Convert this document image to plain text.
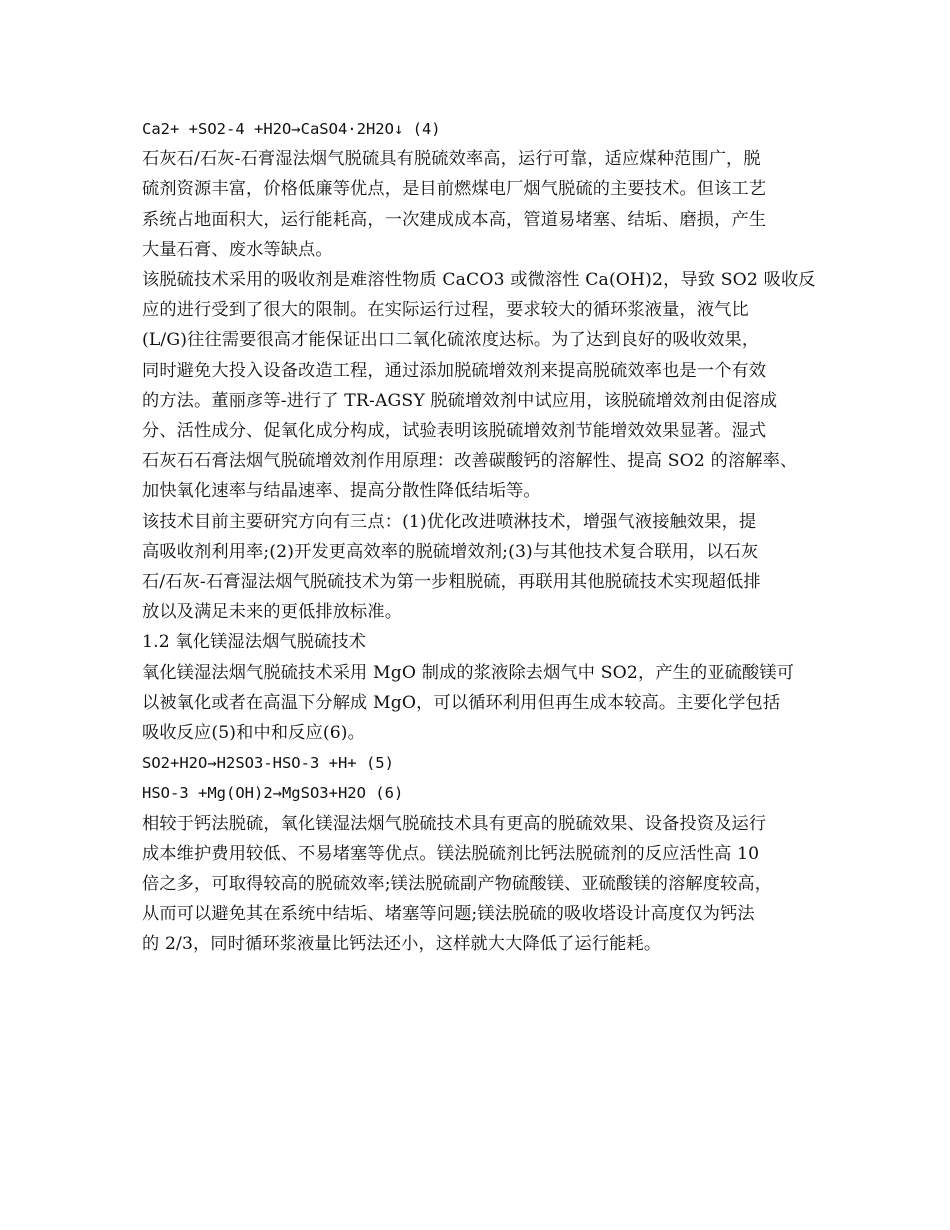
Ca2+ +SO2-4 +H2O→CaSO4·2H2O↓ (4)
石灰石/石灰-石膏湿法烟气脱硫具有脱硫效率高，运行可靠，适应煤种范围广，脱
硫剂资源丰富，价格低廉等优点，是目前燃煤电厂烟气脱硫的主要技术。但该工艺
系统占地面积大，运行能耗高，一次建成成本高，管道易堵塞、结垢、磨损，产生
大量石膏、废水等缺点。
该脱硫技术采用的吸收剂是难溶性物质 CaCO3 或微溶性 Ca(OH)2，导致 SO2 吸收反
应的进行受到了很大的限制。在实际运行过程，要求较大的循环浆液量，液气比
(L/G)往往需要很高才能保证出口二氧化硫浓度达标。为了达到良好的吸收效果，
同时避免大投入设备改造工程，通过添加脱硫增效剂来提高脱硫效率也是一个有效
的方法。董丽彦等-进行了 TR-AGSY 脱硫增效剂中试应用，该脱硫增效剂由促溶成
分、活性成分、促氧化成分构成，试验表明该脱硫增效剂节能增效效果显著。湿式
石灰石石膏法烟气脱硫增效剂作用原理：改善碳酸钙的溶解性、提高 SO2 的溶解率、
加快氧化速率与结晶速率、提高分散性降低结垢等。
该技术目前主要研究方向有三点：(1)优化改进喷淋技术，增强气液接触效果，提
高吸收剂利用率;(2)开发更高效率的脱硫增效剂;(3)与其他技术复合联用，以石灰
石/石灰-石膏湿法烟气脱硫技术为第一步粗脱硫，再联用其他脱硫技术实现超低排
放以及满足未来的更低排放标准。
1.2 氧化镁湿法烟气脱硫技术
氧化镁湿法烟气脱硫技术采用 MgO 制成的浆液除去烟气中 SO2，产生的亚硫酸镁可
以被氧化或者在高温下分解成 MgO，可以循环利用但再生成本较高。主要化学包括
吸收反应(5)和中和反应(6)。
SO2+H2O→H2SO3-HSO-3 +H+ (5)
HSO-3 +Mg(OH)2→MgSO3+H2O (6)
相较于钙法脱硫，氧化镁湿法烟气脱硫技术具有更高的脱硫效果、设备投资及运行
成本维护费用较低、不易堵塞等优点。镁法脱硫剂比钙法脱硫剂的反应活性高 10
倍之多，可取得较高的脱硫效率;镁法脱硫副产物硫酸镁、亚硫酸镁的溶解度较高，
从而可以避免其在系统中结垢、堵塞等问题;镁法脱硫的吸收塔设计高度仅为钙法
的 2/3，同时循环浆液量比钙法还小，这样就大大降低了运行能耗。
